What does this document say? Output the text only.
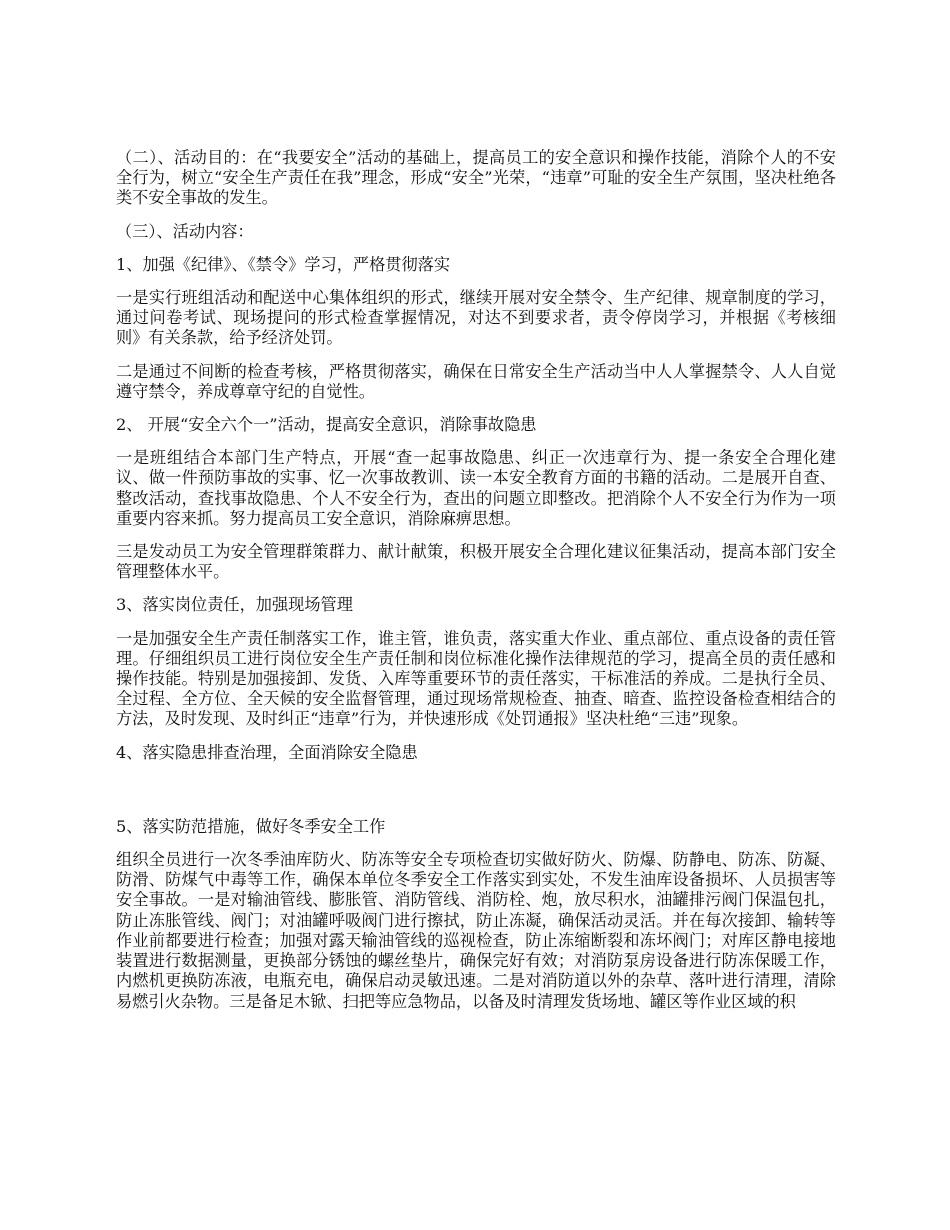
（二）、活动目的：在“我要安全”活动的基础上，提高员工的安全意识和操作技能，消除个人的不安全行为，树立“安全生产责任在我”理念，形成“安全”光荣，“违章”可耻的安全生产氛围，坚决杜绝各类不安全事故的发生。

（三）、活动内容：

1、加强《纪律》、《禁令》学习，严格贯彻落实

一是实行班组活动和配送中心集体组织的形式，继续开展对安全禁令、生产纪律、规章制度的学习，通过问卷考试、现场提问的形式检查掌握情况，对达不到要求者，责令停岗学习，并根据《考核细则》有关条款，给予经济处罚。

二是通过不间断的检查考核，严格贯彻落实，确保在日常安全生产活动当中人人掌握禁令、人人自觉遵守禁令，养成尊章守纪的自觉性。

2、 开展“安全六个一”活动，提高安全意识，消除事故隐患

一是班组结合本部门生产特点，开展“查一起事故隐患、纠正一次违章行为、提一条安全合理化建议、做一件预防事故的实事、忆一次事故教训、读一本安全教育方面的书籍的活动。二是展开自查、整改活动，查找事故隐患、个人不安全行为，查出的问题立即整改。把消除个人不安全行为作为一项重要内容来抓。努力提高员工安全意识，消除麻痹思想。

三是发动员工为安全管理群策群力、献计献策，积极开展安全合理化建议征集活动，提高本部门安全管理整体水平。

3、落实岗位责任，加强现场管理

一是加强安全生产责任制落实工作，谁主管，谁负责，落实重大作业、重点部位、重点设备的责任管理。仔细组织员工进行岗位安全生产责任制和岗位标准化操作法律规范的学习，提高全员的责任感和操作技能。特别是加强接卸、发货、入库等重要环节的责任落实，干标准活的养成。二是执行全员、全过程、全方位、全天候的安全监督管理，通过现场常规检查、抽查、暗查、监控设备检查相结合的方法，及时发现、及时纠正“违章”行为，并快速形成《处罚通报》坚决杜绝“三违”现象。

4、落实隐患排查治理，全面消除安全隐患

5、落实防范措施，做好冬季安全工作

组织全员进行一次冬季油库防火、防冻等安全专项检查切实做好防火、防爆、防静电、防冻、防凝、防滑、防煤气中毒等工作，确保本单位冬季安全工作落实到实处，不发生油库设备损坏、人员损害等安全事故。一是对输油管线、膨胀管、消防管线、消防栓、炮，放尽积水，油罐排污阀门保温包扎，防止冻胀管线、阀门；对油罐呼吸阀门进行擦拭，防止冻凝，确保活动灵活。并在每次接卸、输转等作业前都要进行检查；加强对露天输油管线的巡视检查，防止冻缩断裂和冻坏阀门；对库区静电接地装置进行数据测量，更换部分锈蚀的螺丝垫片，确保完好有效；对消防泵房设备进行防冻保暖工作，内燃机更换防冻液，电瓶充电，确保启动灵敏迅速。二是对消防道以外的杂草、落叶进行清理，清除易燃引火杂物。三是备足木锨、扫把等应急物品，以备及时清理发货场地、罐区等作业区域的积
